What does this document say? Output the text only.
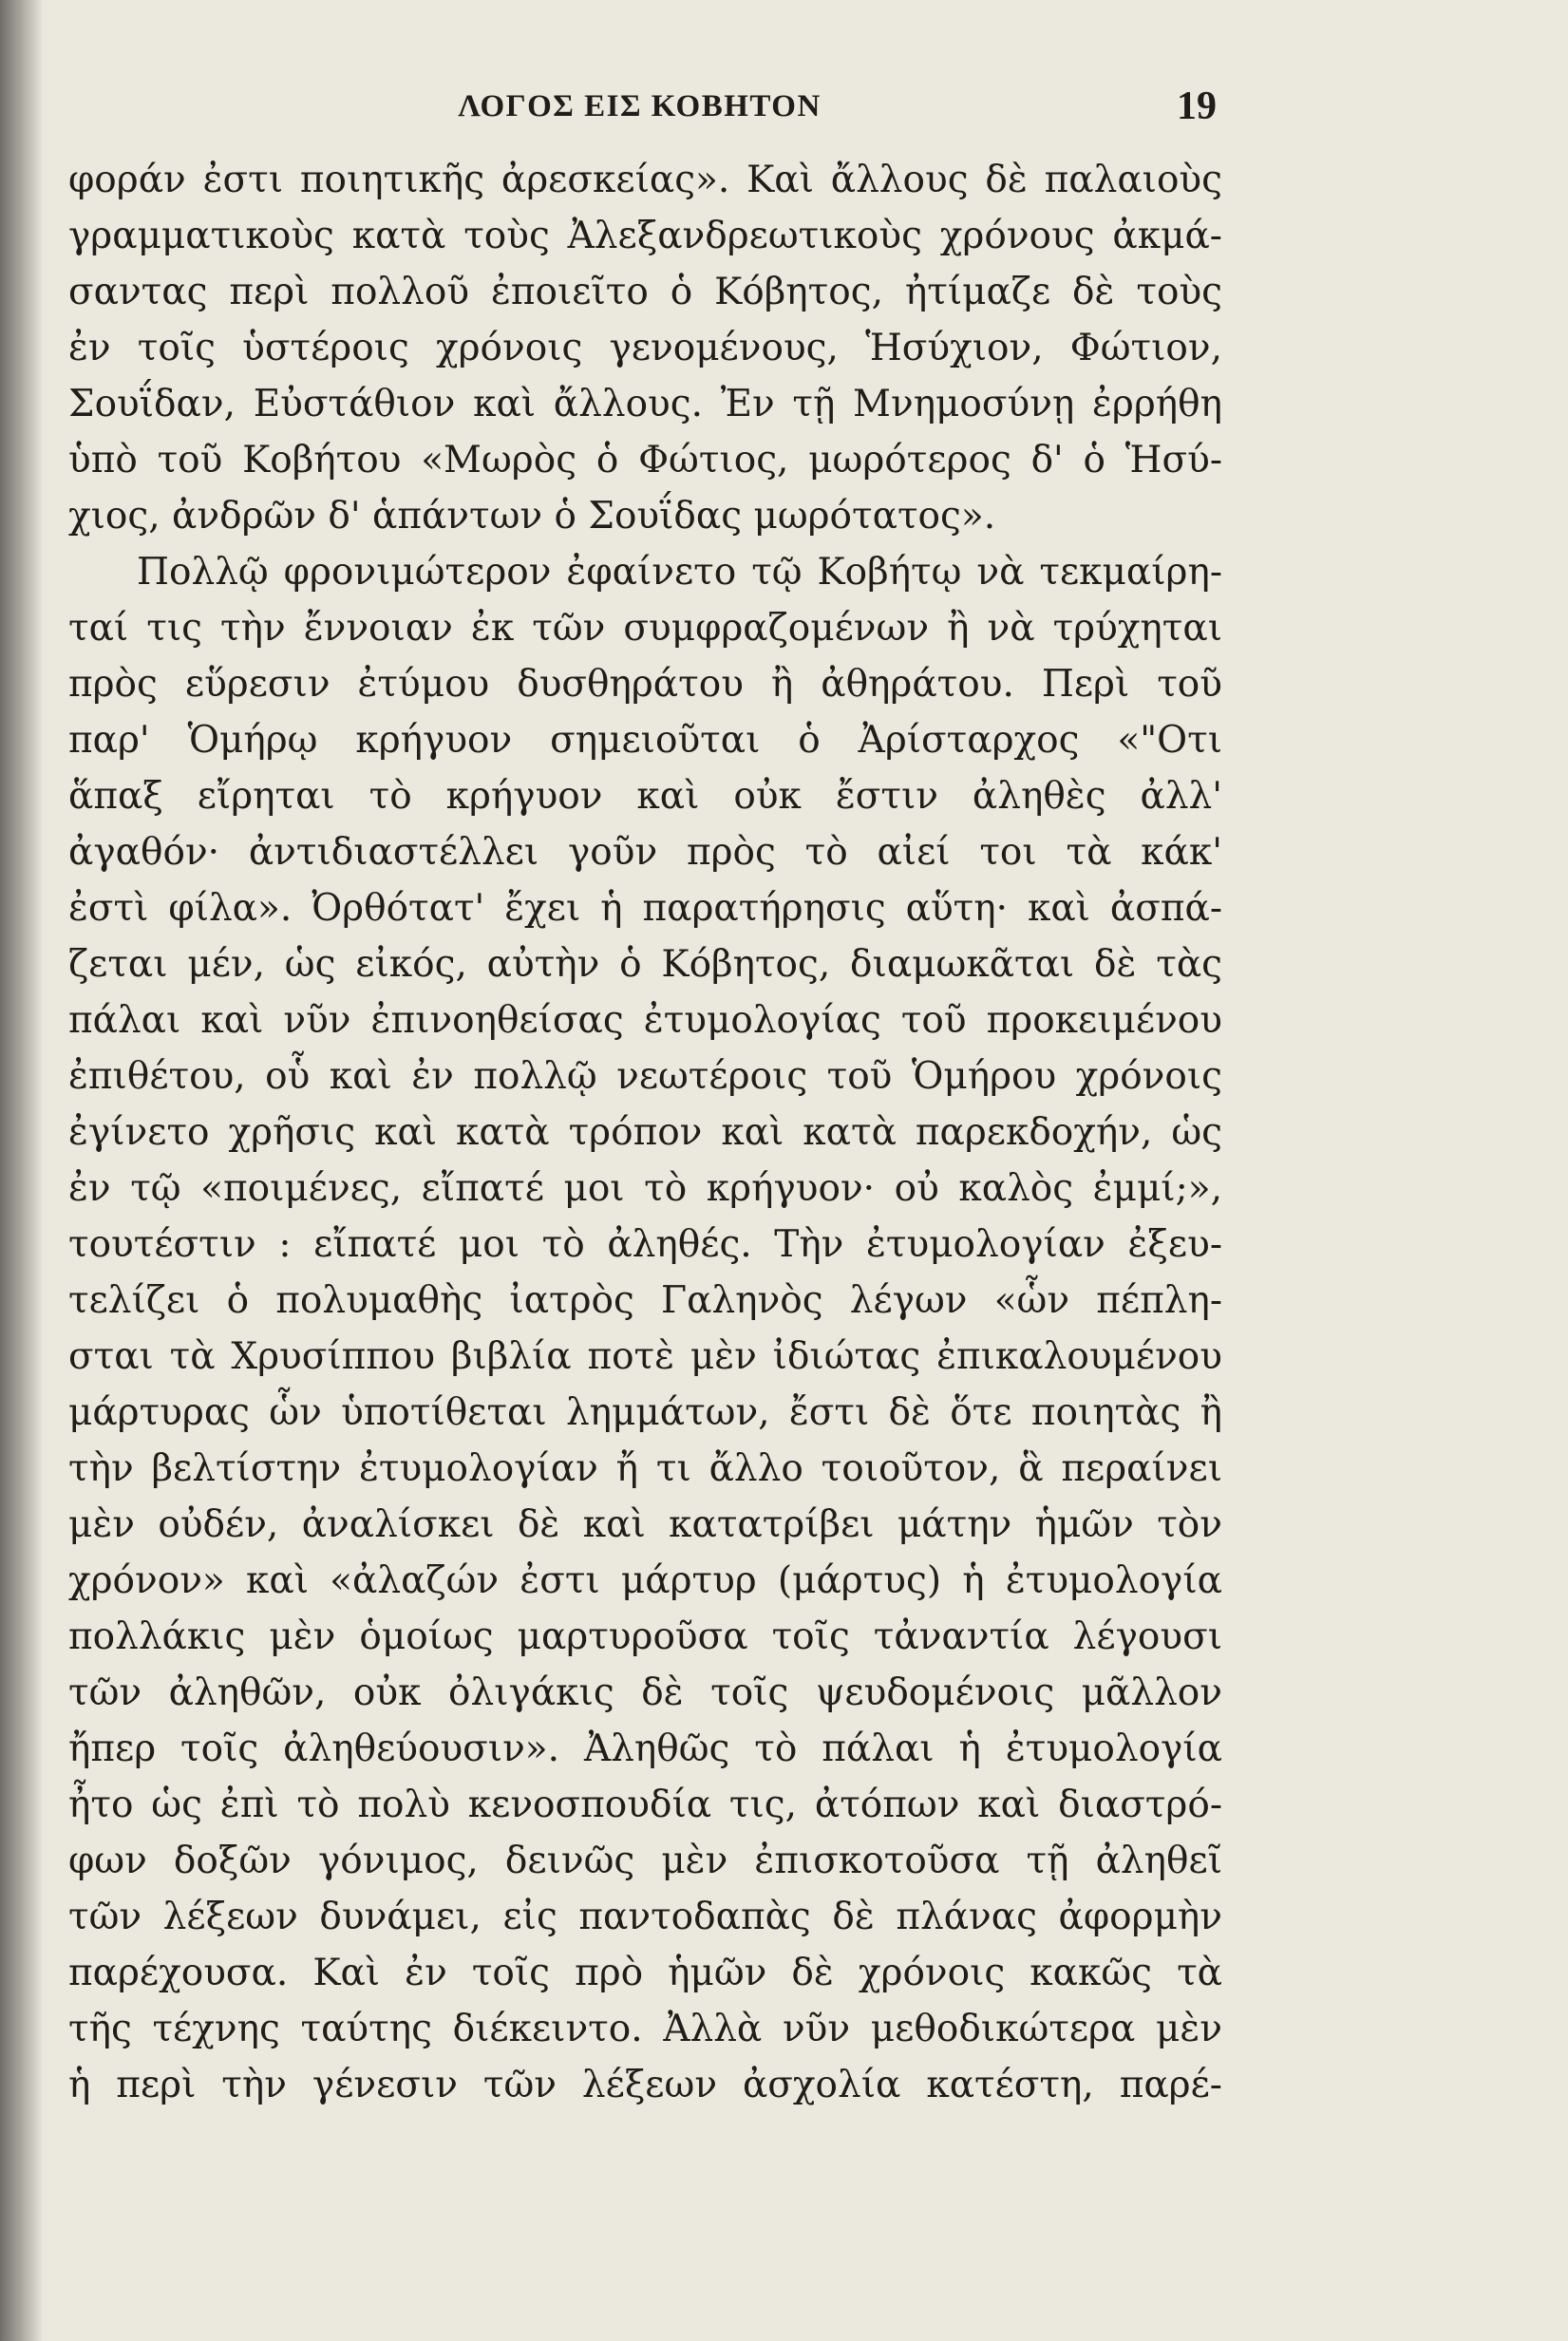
ΛΟΓΟΣ ΕΙΣ ΚΟΒΗΤΟΝ	19
φοράν ἐστι ποιητικῆς ἀρεσκείας». Καὶ ἄλλους δὲ παλαιοὺς
γραμματικοὺς κατὰ τοὺς Ἀλεξανδρεωτικοὺς χρόνους ἀκμά-
σαντας περὶ πολλοῦ ἐποιεῖτο ὁ Κόβητος, ἠτίμαζε δὲ τοὺς
ἐν τοῖς ὑστέροις χρόνοις γενομένους, Ἡσύχιον, Φώτιον,
Σουΐδαν, Εὐστάθιον καὶ ἄλλους. Ἐν τῇ Μνημοσύνῃ ἐρρήθη
ὑπὸ τοῦ Κοβήτου «Μωρὸς ὁ Φώτιος, μωρότερος δ' ὁ Ἡσύ-
χιος, ἀνδρῶν δ' ἁπάντων ὁ Σουΐδας μωρότατος».
Πολλῷ φρονιμώτερον ἐφαίνετο τῷ Κοβήτῳ νὰ τεκμαίρη-
ταί τις τὴν ἔννοιαν ἐκ τῶν συμφραζομένων ἢ νὰ τρύχηται
πρὸς εὕρεσιν ἐτύμου δυσθηράτου ἢ ἀθηράτου. Περὶ τοῦ
παρ' Ὁμήρῳ κρήγυον σημειοῦται ὁ Ἀρίσταρχος «"Οτι
ἅπαξ εἴρηται τὸ κρήγυον καὶ οὐκ ἔστιν ἀληθὲς ἀλλ'
ἀγαθόν· ἀντιδιαστέλλει γοῦν πρὸς τὸ αἰεί τοι τὰ κάκ'
ἐστὶ φίλα». Ὀρθότατ' ἔχει ἡ παρατήρησις αὕτη· καὶ ἀσπά-
ζεται μέν, ὡς εἰκός, αὐτὴν ὁ Κόβητος, διαμωκᾶται δὲ τὰς
πάλαι καὶ νῦν ἐπινοηθείσας ἐτυμολογίας τοῦ προκειμένου
ἐπιθέτου, οὗ καὶ ἐν πολλῷ νεωτέροις τοῦ Ὁμήρου χρόνοις
ἐγίνετο χρῆσις καὶ κατὰ τρόπον καὶ κατὰ παρεκδοχήν, ὡς
ἐν τῷ «ποιμένες, εἴπατέ μοι τὸ κρήγυον· οὐ καλὸς ἐμμί;»,
τουτέστιν : εἴπατέ μοι τὸ ἀληθές. Τὴν ἐτυμολογίαν ἐξευ-
τελίζει ὁ πολυμαθὴς ἰατρὸς Γαληνὸς λέγων «ὧν πέπλη-
σται τὰ Χρυσίππου βιβλία ποτὲ μὲν ἰδιώτας ἐπικαλουμένου
μάρτυρας ὧν ὑποτίθεται λημμάτων, ἔστι δὲ ὅτε ποιητὰς ἢ
τὴν βελτίστην ἐτυμολογίαν ἤ τι ἄλλο τοιοῦτον, ἃ περαίνει
μὲν οὐδέν, ἀναλίσκει δὲ καὶ κατατρίβει μάτην ἡμῶν τὸν
χρόνον» καὶ «ἀλαζών ἐστι μάρτυρ (μάρτυς) ἡ ἐτυμολογία
πολλάκις μὲν ὁμοίως μαρτυροῦσα τοῖς τἀναντία λέγουσι
τῶν ἀληθῶν, οὐκ ὀλιγάκις δὲ τοῖς ψευδομένοις μᾶλλον
ἤπερ τοῖς ἀληθεύουσιν». Ἀληθῶς τὸ πάλαι ἡ ἐτυμολογία
ἦτο ὡς ἐπὶ τὸ πολὺ κενοσπουδία τις, ἀτόπων καὶ διαστρό-
φων δοξῶν γόνιμος, δεινῶς μὲν ἐπισκοτοῦσα τῇ ἀληθεῖ
τῶν λέξεων δυνάμει, εἰς παντοδαπὰς δὲ πλάνας ἀφορμὴν
παρέχουσα. Καὶ ἐν τοῖς πρὸ ἡμῶν δὲ χρόνοις κακῶς τὰ
τῆς τέχνης ταύτης διέκειντο. Ἀλλὰ νῦν μεθοδικώτερα μὲν
ἡ περὶ τὴν γένεσιν τῶν λέξεων ἀσχολία κατέστη, παρέ-
